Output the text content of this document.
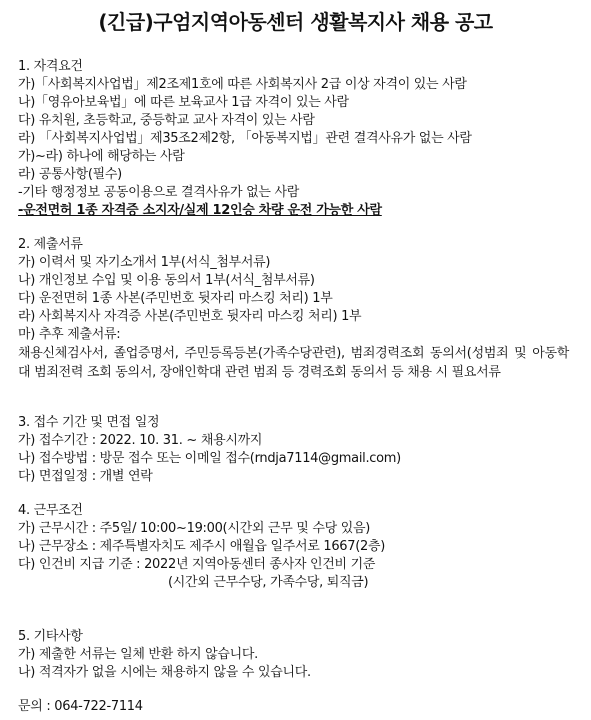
(긴급)구엄지역아동센터 생활복지사 채용 공고
1. 자격요건
가)「사회복지사업법」제2조제1호에 따른 사회복지사 2급 이상 자격이 있는 사람
나)「영유아보육법」에 따른 보육교사 1급 자격이 있는 사람
다) 유치원, 초등학교, 중등학교 교사 자격이 있는 사람
라) 「사회복지사업법」제35조2제2항, 「아동복지법」관련 결격사유가 없는 사람
가)~라) 하나에 해당하는 사람
라) 공통사항(필수)
-기타 행정정보 공동이용으로 결격사유가 없는 사람
-운전면허 1종 자격증 소지자/실제 12인승 차량 운전 가능한 사람
2. 제출서류
가) 이력서 및 자기소개서 1부(서식_첨부서류)
나) 개인정보 수입 및 이용 동의서 1부(서식_첨부서류)
다) 운전면허 1종 사본(주민번호 뒷자리 마스킹 처리) 1부
라) 사회복지사 자격증 사본(주민번호 뒷자리 마스킹 처리) 1부
마) 추후 제출서류:
채용신체검사서, 졸업증명서, 주민등록등본(가족수당관련), 범죄경력조회 동의서(성범죄 및 아동학대 범죄전력 조회 동의서, 장애인학대 관련 범죄 등 경력조회 동의서 등 채용 시 필요서류
3. 접수 기간 및 면접 일정
가) 접수기간 : 2022. 10. 31. ~ 채용시까지
나) 접수방법 : 방문 접수 또는 이메일 접수(rndja7114@gmail.com)
다) 면접일정 : 개별 연락
4. 근무조건
가) 근무시간 : 주5일/ 10:00~19:00(시간외 근무 및 수당 있음)
나) 근무장소 : 제주특별자치도 제주시 애월읍 일주서로 1667(2층)
다) 인건비 지급 기준 : 2022년 지역아동센터 종사자 인건비 기준
(시간외 근무수당, 가족수당, 퇴직금)
5. 기타사항
가) 제출한 서류는 일체 반환 하지 않습니다.
나) 적격자가 없을 시에는 채용하지 않을 수 있습니다.
문의 : 064-722-7114
